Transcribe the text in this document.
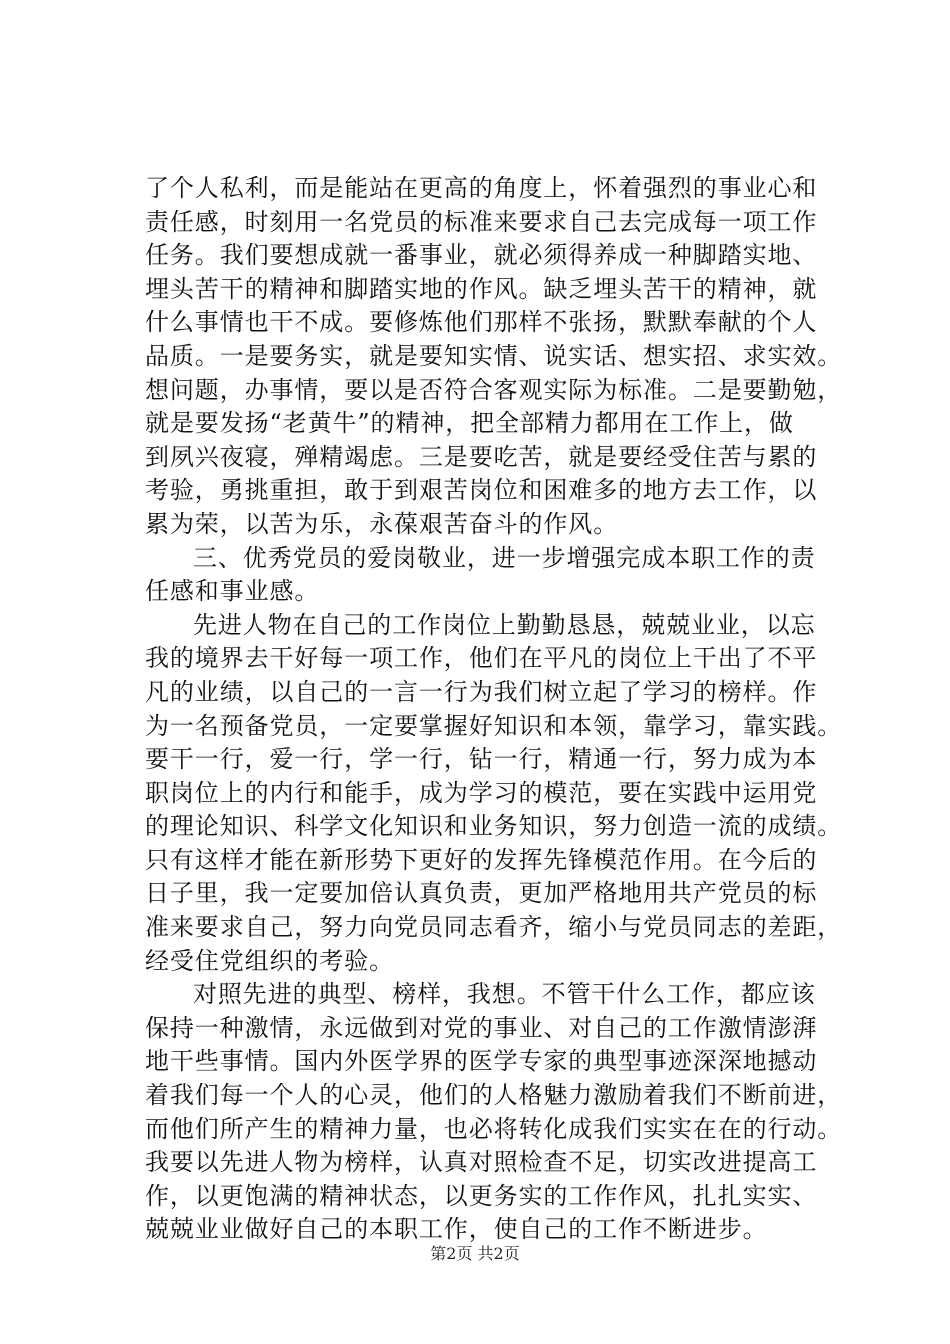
了个人私利，而是能站在更高的角度上，怀着强烈的事业心和
责任感，时刻用一名党员的标准来要求自己去完成每一项工作
任务。我们要想成就一番事业，就必须得养成一种脚踏实地、
埋头苦干的精神和脚踏实地的作风。缺乏埋头苦干的精神，就
什么事情也干不成。要修炼他们那样不张扬，默默奉献的个人
品质。一是要务实，就是要知实情、说实话、想实招、求实效。
想问题，办事情，要以是否符合客观实际为标准。二是要勤勉，
就是要发扬“老黄牛”的精神，把全部精力都用在工作上，做
到夙兴夜寝，殚精竭虑。三是要吃苦，就是要经受住苦与累的
考验，勇挑重担，敢于到艰苦岗位和困难多的地方去工作，以
累为荣，以苦为乐，永葆艰苦奋斗的作风。
三、优秀党员的爱岗敬业，进一步增强完成本职工作的责
任感和事业感。
先进人物在自己的工作岗位上勤勤恳恳，兢兢业业，以忘
我的境界去干好每一项工作，他们在平凡的岗位上干出了不平
凡的业绩，以自己的一言一行为我们树立起了学习的榜样。作
为一名预备党员，一定要掌握好知识和本领，靠学习，靠实践。
要干一行，爱一行，学一行，钻一行，精通一行，努力成为本
职岗位上的内行和能手，成为学习的模范，要在实践中运用党
的理论知识、科学文化知识和业务知识，努力创造一流的成绩。
只有这样才能在新形势下更好的发挥先锋模范作用。在今后的
日子里，我一定要加倍认真负责，更加严格地用共产党员的标
准来要求自己，努力向党员同志看齐，缩小与党员同志的差距，
经受住党组织的考验。
对照先进的典型、榜样，我想。不管干什么工作，都应该
保持一种激情，永远做到对党的事业、对自己的工作激情澎湃
地干些事情。国内外医学界的医学专家的典型事迹深深地撼动
着我们每一个人的心灵，他们的人格魅力激励着我们不断前进，
而他们所产生的精神力量，也必将转化成我们实实在在的行动。
我要以先进人物为榜样，认真对照检查不足，切实改进提高工
作，以更饱满的精神状态，以更务实的工作作风，扎扎实实、
兢兢业业做好自己的本职工作，使自己的工作不断进步。
第2页 共2页
